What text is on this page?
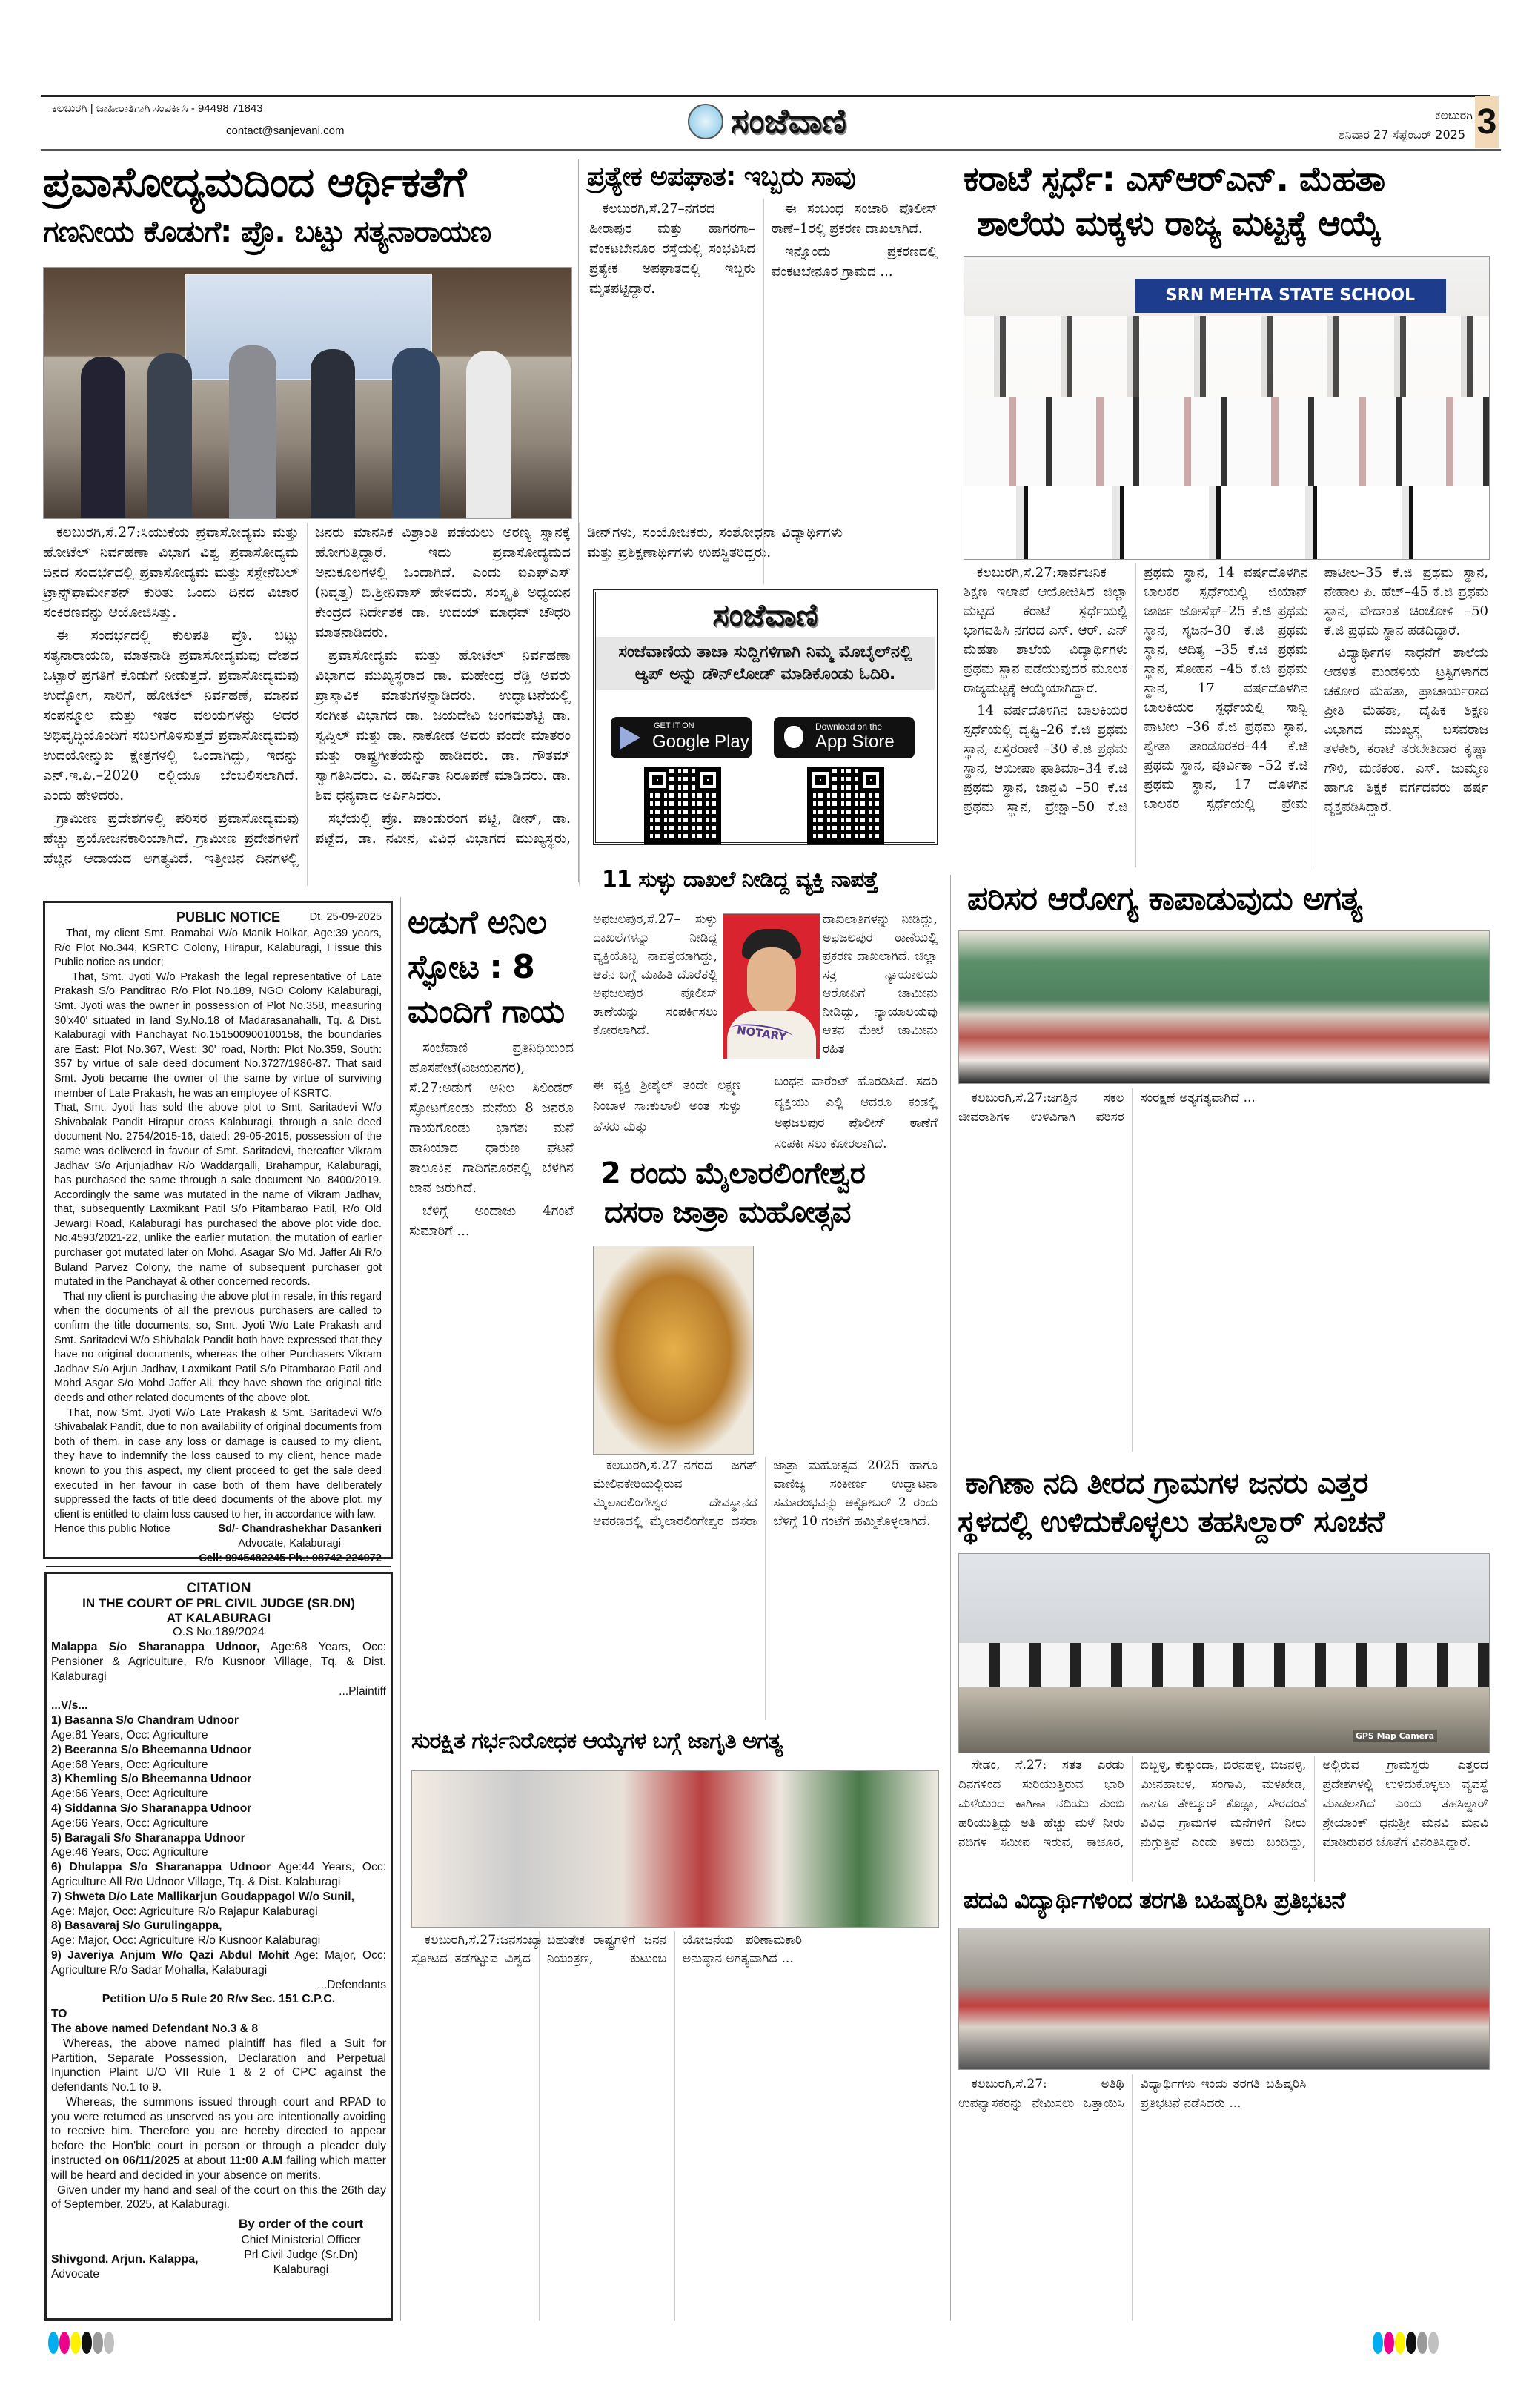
ಕಲಬುರಗಿ | ಜಾಹೀರಾತಿಗಾಗಿ ಸಂಪರ್ಕಿಸಿ - 94498 71843
contact@sanjevani.com	ಸಂಜೆವಾಣಿ	ಕಲಬುರಗಿ
ಶನಿವಾರ 27 ಸೆಪ್ಟೆಂಬರ್ 2025 3
ಪ್ರವಾಸೋದ್ಯಮದಿಂದ ಆರ್ಥಿಕತೆಗೆ
ಗಣನೀಯ ಕೊಡುಗೆ: ಪ್ರೊ. ಬಟ್ಟು ಸತ್ಯನಾರಾಯಣ

ಕಲಬುರಗಿ,ಸೆ.27:ಸಿಯುಕೆಯ ಪ್ರವಾಸೋದ್ಯಮ ಮತ್ತು ಹೋಟೆಲ್ ನಿರ್ವಹಣಾ ವಿಭಾಗ ವಿಶ್ವ ಪ್ರವಾಸೋದ್ಯಮ ದಿನದ ಸಂದರ್ಭದಲ್ಲಿ ಪ್ರವಾಸೋದ್ಯಮ ಮತ್ತು ಸಸ್ಟೇನೆಬಲ್ ಟ್ರಾನ್ಸ್‌ಫಾರ್ಮೇಶನ್ ಕುರಿತು ಒಂದು ದಿನದ ವಿಚಾರ ಸಂಕಿರಣವನ್ನು ಆಯೋಜಿಸಿತ್ತು.

ಈ ಸಂದರ್ಭದಲ್ಲಿ ಕುಲಪತಿ ಪ್ರೊ. ಬಟ್ಟು ಸತ್ಯನಾರಾಯಣ, ಮಾತನಾಡಿ ಪ್ರವಾಸೋದ್ಯಮವು ದೇಶದ ಒಟ್ಟಾರೆ ಪ್ರಗತಿಗೆ ಕೊಡುಗೆ ನೀಡುತ್ತದೆ. ಪ್ರವಾಸೋದ್ಯಮವು ಉದ್ಯೋಗ, ಸಾರಿಗೆ, ಹೋಟೆಲ್ ನಿರ್ವಹಣೆ, ಮಾನವ ಸಂಪನ್ಮೂಲ ಮತ್ತು ಇತರ ವಲಯಗಳನ್ನು ಅದರ ಅಭಿವೃದ್ಧಿಯೊಂದಿಗೆ ಸಬಲಗೊಳಿಸುತ್ತದೆ ಪ್ರವಾಸೋದ್ಯಮವು ಉದಯೋನ್ಮುಖ ಕ್ಷೇತ್ರಗಳಲ್ಲಿ ಒಂದಾಗಿದ್ದು, ಇದನ್ನು ಎನ್.ಇ.ಪಿ.–2020 ರಲ್ಲಿಯೂ ಬೆಂಬಲಿಸಲಾಗಿದೆ. ಎಂದು ಹೇಳಿದರು.

ಗ್ರಾಮೀಣ ಪ್ರದೇಶಗಳಲ್ಲಿ ಪರಿಸರ ಪ್ರವಾಸೋದ್ಯಮವು ಹೆಚ್ಚು ಪ್ರಯೋಜನಕಾರಿಯಾಗಿದೆ. ಗ್ರಾಮೀಣ ಪ್ರದೇಶಗಳಿಗೆ ಹೆಚ್ಚಿನ ಆದಾಯದ ಅಗತ್ಯವಿದೆ. ಇತ್ತೀಚಿನ ದಿನಗಳಲ್ಲಿ ಜನರು ಮಾನಸಿಕ ವಿಶ್ರಾಂತಿ ಪಡೆಯಲು ಅರಣ್ಯ ಸ್ನಾನಕ್ಕೆ ಹೋಗುತ್ತಿದ್ದಾರೆ. ಇದು ಪ್ರವಾಸೋದ್ಯಮದ ಅನುಕೂಲಗಳಲ್ಲಿ ಒಂದಾಗಿದೆ. ಎಂದು ಐಎಫ್‌ಎಸ್ (ನಿವೃತ್ತ) ಬಿ.ಶ್ರೀನಿವಾಸ್ ಹೇಳಿದರು. ಸಂಸ್ಕೃತಿ ಅಧ್ಯಯನ ಕೇಂದ್ರದ ನಿರ್ದೇಶಕ ಡಾ. ಉದಯ್ ಮಾಧವ್ ಚೌಧರಿ ಮಾತನಾಡಿದರು.

ಪ್ರವಾಸೋದ್ಯಮ ಮತ್ತು ಹೋಟೆಲ್ ನಿರ್ವಹಣಾ ವಿಭಾಗದ ಮುಖ್ಯಸ್ಥರಾದ ಡಾ. ಮಹೇಂದ್ರ ರೆಡ್ಡಿ ಅವರು ಪ್ರಾಸ್ತಾವಿಕ ಮಾತುಗಳನ್ನಾಡಿದರು. ಉದ್ಘಾಟನೆಯಲ್ಲಿ ಸಂಗೀತ ವಿಭಾಗದ ಡಾ. ಜಯದೇವಿ ಜಂಗಮಶೆಟ್ಟಿ ಡಾ. ಸ್ವಪ್ನಿಲ್ ಮತ್ತು ಡಾ. ನಾಕೋಡ ಅವರು ವಂದೇ ಮಾತರಂ ಮತ್ತು ರಾಷ್ಟ್ರಗೀತೆಯನ್ನು ಹಾಡಿದರು. ಡಾ. ಗೌತಮ್ ಸ್ವಾಗತಿಸಿದರು. ಎ. ಹರ್ಷಿತಾ ನಿರೂಪಣೆ ಮಾಡಿದರು. ಡಾ. ಶಿವ ಧನ್ಯವಾದ ಅರ್ಪಿಸಿದರು.

ಸಭೆಯಲ್ಲಿ ಪ್ರೊ. ಪಾಂಡುರಂಗ ಪಟ್ಟಿ, ಡೀನ್, ಡಾ. ಪಟ್ಟೆದ, ಡಾ. ನವೀನ, ವಿವಿಧ ವಿಭಾಗದ ಮುಖ್ಯಸ್ಥರು, ಡೀನ್‌ಗಳು, ಸಂಯೋಜಕರು, ಸಂಶೋಧನಾ ವಿದ್ಯಾರ್ಥಿಗಳು ಮತ್ತು ಪ್ರಶಿಕ್ಷಣಾರ್ಥಿಗಳು ಉಪಸ್ಥಿತರಿದ್ದರು.

ಪ್ರತ್ಯೇಕ ಅಪಘಾತ: ಇಬ್ಬರು ಸಾವು

ಕಲಬುರಗಿ,ಸೆ.27–ನಗರದ ಹೀರಾಪುರ ಮತ್ತು ಹಾಗರಗಾ–ವೆಂಕಟಬೇನೂರ ರಸ್ತೆಯಲ್ಲಿ ಸಂಭವಿಸಿದ ಪ್ರತ್ಯೇಕ ಅಪಘಾತದಲ್ಲಿ ಇಬ್ಬರು ಮೃತಪಟ್ಟಿದ್ದಾರೆ.

ಈ ಸಂಬಂಧ ಸಂಚಾರಿ ಪೊಲೀಸ್ ಠಾಣೆ–1ರಲ್ಲಿ ಪ್ರಕರಣ ದಾಖಲಾಗಿದೆ.

ಇನ್ನೊಂದು ಪ್ರಕರಣದಲ್ಲಿ ವೆಂಕಟಬೇನೂರ ಗ್ರಾಮದ ...

ಸಂಜೆವಾಣಿ
ಸಂಜೆವಾಣಿಯ ತಾಜಾ ಸುದ್ದಿಗಳಿಗಾಗಿ ನಿಮ್ಮ ಮೊಬೈಲ್‌ನಲ್ಲಿ ಆ್ಯಪ್ ಅನ್ನು ಡೌನ್‌ಲೋಡ್ ಮಾಡಿಕೊಂಡು ಓದಿರಿ.
GET IT ON
Google Play
Download on the
App Store
ಕರಾಟೆ ಸ್ಪರ್ಧೆ: ಎಸ್‌ಆರ್‌ಎನ್. ಮೆಹತಾ
ಶಾಲೆಯ ಮಕ್ಕಳು ರಾಜ್ಯ ಮಟ್ಟಕ್ಕೆ ಆಯ್ಕೆ
SRN MEHTA STATE SCHOOL

ಕಲಬುರಗಿ,ಸೆ.27:ಸಾರ್ವಜನಿಕ ಶಿಕ್ಷಣ ಇಲಾಖೆ ಆಯೋಜಿಸಿದ ಜಿಲ್ಲಾ ಮಟ್ಟದ ಕರಾಟೆ ಸ್ಪರ್ಧೆಯಲ್ಲಿ ಭಾಗವಹಿಸಿ ನಗರದ ಎಸ್. ಆರ್. ಎನ್ ಮೆಹತಾ ಶಾಲೆಯ ವಿದ್ಯಾರ್ಥಿಗಳು ಪ್ರಥಮ ಸ್ಥಾನ ಪಡೆಯುವುದರ ಮೂಲಕ ರಾಜ್ಯಮಟ್ಟಕ್ಕೆ ಆಯ್ಕೆಯಾಗಿದ್ದಾರೆ.

14 ವರ್ಷದೊಳಗಿನ ಬಾಲಕಿಯರ ಸ್ಪರ್ಧೆಯಲ್ಲಿ ದೃಷ್ಟಿ–26 ಕೆ.ಜಿ ಪ್ರಥಮ ಸ್ಥಾನ, ಏಸ್ತರರಾಣಿ –30 ಕೆ.ಜಿ ಪ್ರಥಮ ಸ್ಥಾನ, ಆಯೀಷಾ ಫಾತಿಮಾ–34 ಕೆ.ಜಿ ಪ್ರಥಮ ಸ್ಥಾನ, ಜಾನ್ಹವಿ –50 ಕೆ.ಜಿ ಪ್ರಥಮ ಸ್ಥಾನ, ಪ್ರೇಕ್ಷಾ–50 ಕೆ.ಜಿ ಪ್ರಥಮ ಸ್ಥಾನ, 14 ವರ್ಷದೊಳಗಿನ ಬಾಲಕರ ಸ್ಪರ್ಧೆಯಲ್ಲಿ ಜಿಯಾನ್ ಜಾರ್ಜ ಜೋಸೆಫ್–25 ಕೆ.ಜಿ ಪ್ರಥಮ ಸ್ಥಾನ, ಸೃಜನ–30 ಕೆ.ಜಿ ಪ್ರಥಮ ಸ್ಥಾನ, ಆದಿತ್ಯ –35 ಕೆ.ಜಿ ಪ್ರಥಮ ಸ್ಥಾನ, ಸೋಹನ –45 ಕೆ.ಜಿ ಪ್ರಥಮ ಸ್ಥಾನ, 17 ವರ್ಷದೊಳಗಿನ ಬಾಲಕಿಯರ ಸ್ಪರ್ಧೆಯಲ್ಲಿ ಸಾನ್ವಿ ಪಾಟೀಲ –36 ಕೆ.ಜಿ ಪ್ರಥಮ ಸ್ಥಾನ, ಶ್ವೇತಾ ತಾಂಡೂರಕರ–44 ಕೆ.ಜಿ ಪ್ರಥಮ ಸ್ಥಾನ, ಪೂರ್ವಿಕಾ –52 ಕೆ.ಜಿ ಪ್ರಥಮ ಸ್ಥಾನ, 17 ದೊಳಗಿನ ಬಾಲಕರ ಸ್ಪರ್ಧೆಯಲ್ಲಿ ಪ್ರೇಮ ಪಾಟೀಲ–35 ಕೆ.ಜಿ ಪ್ರಥಮ ಸ್ಥಾನ, ನೇಹಾಲ ಪಿ. ಹೆಚ್–45 ಕೆ.ಜಿ ಪ್ರಥಮ ಸ್ಥಾನ, ವೇದಾಂತ ಚಿಂಚೋಳಿ –50 ಕೆ.ಜಿ ಪ್ರಥಮ ಸ್ಥಾನ ಪಡೆದಿದ್ದಾರೆ.

ವಿದ್ಯಾರ್ಥಿಗಳ ಸಾಧನೆಗೆ ಶಾಲೆಯ ಆಡಳಿತ ಮಂಡಳಿಯ ಟ್ರಸ್ಟಿಗಳಾಗದ ಚಕೋರ ಮೆಹತಾ, ಪ್ರಾಚಾರ್ಯರಾದ ಪ್ರೀತಿ ಮೆಹತಾ, ದೈಹಿಕ ಶಿಕ್ಷಣ ವಿಭಾಗದ ಮುಖ್ಯಸ್ಥ ಬಸವರಾಜ ತಳಕೇರಿ, ಕರಾಟೆ ತರಬೇತಿದಾರ ಕೃಷ್ಣಾ ಗೌಳಿ, ಮಣಿಕಂಠ. ಎಸ್. ಜುಮ್ಮಣ ಹಾಗೂ ಶಿಕ್ಷಕ ವರ್ಗದವರು ಹರ್ಷ ವ್ಯಕ್ತಪಡಿಸಿದ್ದಾರೆ.

PUBLIC NOTICE	Dt. 25-09-2025

That, my client Smt. Ramabai W/o Manik Holkar, Age:39 years, R/o Plot No.344, KSRTC Colony, Hirapur, Kalaburagi, I issue this Public notice as under;

That, Smt. Jyoti W/o Prakash the legal representative of Late Prakash S/o Panditrao R/o Plot No.189, NGO Colony Kalaburagi, Smt. Jyoti was the owner in possession of Plot No.358, measuring 30'x40' situated in land Sy.No.18 of Madarasanahalli, Tq. & Dist. Kalaburagi with Panchayat No.151500900100158, the boundaries are East: Plot No.367, West: 30' road, North: Plot No.359, South: 357 by virtue of sale deed document No.3727/1986-87. That said Smt. Jyoti became the owner of the same by virtue of surviving member of Late Prakash, he was an employee of KSRTC.

That, Smt. Jyoti has sold the above plot to Smt. Saritadevi W/o Shivabalak Pandit Hirapur cross Kalaburagi, through a sale deed document No. 2754/2015-16, dated: 29-05-2015, possession of the same was delivered in favour of Smt. Saritadevi, thereafter Vikram Jadhav S/o Arjunjadhav R/o Waddargalli, Brahampur, Kalaburagi, has purchased the same through a sale document No. 8400/2019. Accordingly the same was mutated in the name of Vikram Jadhav, that, subsequently Laxmikant Patil S/o Pitambarao Patil, R/o Old Jewargi Road, Kalaburagi has purchased the above plot vide doc. No.4593/2021-22, unlike the earlier mutation, the mutation of earlier purchaser got mutated later on Mohd. Asagar S/o Md. Jaffer Ali R/o Buland Parvez Colony, the name of subsequent purchaser got mutated in the Panchayat & other concerned records.

That my client is purchasing the above plot in resale, in this regard when the documents of all the previous purchasers are called to confirm the title documents, so, Smt. Jyoti W/o Late Prakash and Smt. Saritadevi W/o Shivbalak Pandit both have expressed that they have no original documents, whereas the other Purchasers Vikram Jadhav S/o Arjun Jadhav, Laxmikant Patil S/o Pitambarao Patil and Mohd Asgar S/o Mohd Jaffer Ali, they have shown the original title deeds and other related documents of the above plot.

That, now Smt. Jyoti W/o Late Prakash & Smt. Saritadevi W/o Shivabalak Pandit, due to non availability of original documents from both of them, in case any loss or damage is caused to my client, they have to indemnify the loss caused to my client, hence made known to you this aspect, my client proceed to get the sale deed executed in her favour in case both of them have deliberately suppressed the facts of title deed documents of the above plot, my client is entitled to claim loss caused to her, in accordance with law.

Hence this public Notice	Sd/- Chandrashekhar Dasankeri
Advocate, Kalaburagi
Cell: 9945482245 Ph.: 08742-224072
CITATION
IN THE COURT OF PRL CIVIL JUDGE (SR.DN)
AT KALABURAGI
O.S No.189/2024

Malappa S/o Sharanappa Udnoor, Age:68 Years, Occ: Pensioner & Agriculture, R/o Kusnoor Village, Tq. & Dist. Kalaburagi

...Plaintiff
...V/s...
1) Basanna S/o Chandram Udnoor
Age:81 Years, Occ: Agriculture
2) Beeranna S/o Bheemanna Udnoor
Age:68 Years, Occ: Agriculture
3) Khemling S/o Bheemanna Udnoor
Age:66 Years, Occ: Agriculture
4) Siddanna S/o Sharanappa Udnoor
Age:66 Years, Occ: Agriculture
5) Baragali S/o Sharanappa Udnoor
Age:46 Years, Occ: Agriculture
6) Dhulappa S/o Sharanappa Udnoor Age:44 Years, Occ: Agriculture All R/o Udnoor Village, Tq. & Dist. Kalaburagi
7) Shweta D/o Late Mallikarjun Goudappagol W/o Sunil,
Age: Major, Occ: Agriculture R/o Rajapur Kalaburagi
8) Basavaraj S/o Gurulingappa,
Age: Major, Occ: Agriculture R/o Kusnoor Kalaburagi
9) Javeriya Anjum W/o Qazi Abdul Mohit Age: Major, Occ: Agriculture R/o Sadar Mohalla, Kalaburagi
...Defendants
Petition U/o 5 Rule 20 R/w Sec. 151 C.P.C.
TO
The above named Defendant No.3 & 8

Whereas, the above named plaintiff has filed a Suit for Partition, Separate Possession, Declaration and Perpetual Injunction Plaint U/O VII Rule 1 & 2 of CPC against the defendants No.1 to 9.

Whereas, the summons issued through court and RPAD to you were returned as unserved as you are intentionally avoiding to receive him. Therefore you are hereby directed to appear before the Hon'ble court in person or through a pleader duly instructed on 06/11/2025 at about 11:00 A.M failing which matter will be heard and decided in your absence on merits.

Given under my hand and seal of the court on this the 26th day of September, 2025, at Kalaburagi.

By order of the court
Chief Ministerial Officer
Prl Civil Judge (Sr.Dn)
Kalaburagi
Shivgond. Arjun. Kalappa,
Advocate
ಅಡುಗೆ ಅನಿಲ ಸ್ಫೋಟ : 8 ಮಂದಿಗೆ ಗಾಯ

ಸಂಜೆವಾಣಿ ಪ್ರತಿನಿಧಿಯಿಂದ ಹೊಸಪೇಟೆ(ವಿಜಯನಗರ), ಸೆ.27:ಅಡುಗೆ ಅನಿಲ ಸಿಲಿಂಡರ್ ಸ್ಫೋಟಗೊಂಡು ಮನೆಯ 8 ಜನರೂ ಗಾಯಗೊಂಡು ಭಾಗಶಃ ಮನೆ ಹಾನಿಯಾದ ಧಾರುಣ ಘಟನೆ ತಾಲೂಕಿನ ಗಾದಿಗನೂರನಲ್ಲಿ ಬೆಳಗಿನ ಜಾವ ಜರುಗಿದೆ.

ಬೆಳಿಗ್ಗೆ ಅಂದಾಜು 4ಗಂಟೆ ಸುಮಾರಿಗೆ ...

11 ಸುಳ್ಳು ದಾಖಲೆ ನೀಡಿದ್ದ ವ್ಯಕ್ತಿ ನಾಪತ್ತೆ
ಅಫಜಲಪುರ,ಸೆ.27– ಸುಳ್ಳು ದಾಖಲೆಗಳನ್ನು ನೀಡಿದ್ದ ವ್ಯಕ್ತಿಯೊಬ್ಬ ನಾಪತ್ತೆಯಾಗಿದ್ದು, ಆತನ ಬಗ್ಗೆ ಮಾಹಿತಿ ದೊರೆತಲ್ಲಿ ಅಫಜಲಪುರ ಪೊಲೀಸ್ ಠಾಣೆಯನ್ನು ಸಂಪರ್ಕಿಸಲು ಕೋರಲಾಗಿದೆ.	NOTARY
ದಾಖಲಾತಿಗಳನ್ನು ನೀಡಿದ್ದು, ಅಫಜಲಪುರ ಠಾಣೆಯಲ್ಲಿ ಪ್ರಕರಣ ದಾಖಲಾಗಿದೆ. ಜಿಲ್ಲಾ ಸತ್ರ ನ್ಯಾಯಾಲಯ ಆರೋಪಿಗೆ ಜಾಮೀನು ನೀಡಿದ್ದು, ನ್ಯಾಯಾಲಯವು ಆತನ ಮೇಲೆ ಜಾಮೀನು ರಹಿತ
ಈ ವ್ಯಕ್ತಿ ಶ್ರೀಶೈಲ್ ತಂದೇ ಲಕ್ಷ್ಮಣ ನಿಂಬಾಳ ಸಾ:ಕುಲಾಲಿ ಅಂತ ಸುಳ್ಳು ಹೆಸರು ಮತ್ತು
ಬಂಧನ ವಾರೆಂಟ್ ಹೊರಡಿಸಿದೆ. ಸದರಿ ವ್ಯಕ್ತಿಯು ಎಲ್ಲಿ ಆದರೂ ಕಂಡಲ್ಲಿ ಅಫಜಲಪುರ ಪೊಲೀಸ್ ಠಾಣೆಗೆ ಸಂಪರ್ಕಿಸಲು ಕೋರಲಾಗಿದೆ.
2 ರಂದು ಮೈಲಾರಲಿಂಗೇಶ್ವರ
ದಸರಾ ಜಾತ್ರಾ ಮಹೋತ್ಸವ

ಕಲಬುರಗಿ,ಸೆ.27–ನಗರದ ಜಗತ್ ಮೇಲಿನಕೇರಿಯಲ್ಲಿರುವ ಮೈಲಾರಲಿಂಗೇಶ್ವರ ದೇವಸ್ಥಾನದ ಆವರಣದಲ್ಲಿ ಮೈಲಾರಲಿಂಗೇಶ್ವರ ದಸರಾ ಜಾತ್ರಾ ಮಹೋತ್ಸವ 2025 ಹಾಗೂ ವಾಣಿಜ್ಯ ಸಂಕೀರ್ಣ ಉದ್ಘಾಟನಾ ಸಮಾರಂಭವನ್ನು ಅಕ್ಟೋಬರ್ 2 ರಂದು ಬೆಳಿಗ್ಗೆ 10 ಗಂಟೆಗೆ ಹಮ್ಮಿಕೊಳ್ಳಲಾಗಿದೆ.

ಸುರಕ್ಷಿತ ಗರ್ಭನಿರೋಧಕ ಆಯ್ಕೆಗಳ ಬಗ್ಗೆ ಜಾಗೃತಿ ಅಗತ್ಯ

ಕಲಬುರಗಿ,ಸೆ.27:ಜನಸಂಖ್ಯಾ ಸ್ಫೋಟದ ತಡೆಗಟ್ಟುವ ವಿಶ್ವದ ಬಹುತೇಕ ರಾಷ್ಟ್ರಗಳಿಗೆ ಜನನ ನಿಯಂತ್ರಣ, ಕುಟುಂಬ ಯೋಜನೆಯ ಪರಿಣಾಮಕಾರಿ ಅನುಷ್ಠಾನ ಅಗತ್ಯವಾಗಿದೆ ...

ಪರಿಸರ ಆರೋಗ್ಯ ಕಾಪಾಡುವುದು ಅಗತ್ಯ

ಕಲಬುರಗಿ,ಸೆ.27:ಜಗತ್ತಿನ ಸಕಲ ಜೀವರಾಶಿಗಳ ಉಳಿವಿಗಾಗಿ ಪರಿಸರ ಸಂರಕ್ಷಣೆ ಅತ್ಯಗತ್ಯವಾಗಿದೆ ...

ಕಾಗಿಣಾ ನದಿ ತೀರದ ಗ್ರಾಮಗಳ ಜನರು ಎತ್ತರ
ಸ್ಥಳದಲ್ಲಿ ಉಳಿದುಕೊಳ್ಳಲು ತಹಸಿಲ್ದಾರ್ ಸೂಚನೆ
GPS Map Camera

ಸೇಡಂ, ಸೆ.27: ಸತತ ಎರಡು ದಿನಗಳಿಂದ ಸುರಿಯುತ್ತಿರುವ ಭಾರಿ ಮಳೆಯಿಂದ ಕಾಗಿಣಾ ನದಿಯು ತುಂಬಿ ಹರಿಯುತ್ತಿದ್ದು ಅತಿ ಹೆಚ್ಚು ಮಳೆ ನೀರು ನದಿಗಳ ಸಮೀಪ ಇರುವ, ಕಾಚೂರ, ಬಿಬ್ಬಳ್ಳಿ, ಕುಕ್ಕುಂದಾ, ಬಿರನಹಳ್ಳಿ, ಬಿಜನಳ್ಳಿ, ಮೀನಹಾಬಳ, ಸಂಗಾವಿ, ಮಳಖೇಡ, ಹಾಗೂ ತೇಲ್ಕೂರ್ ಕೊಡ್ಲಾ, ಸೇರದಂತೆ ವಿವಿಧ ಗ್ರಾಮಗಳ ಮನೆಗಳಿಗೆ ನೀರು ನುಗ್ಗುತ್ತಿವೆ ಎಂದು ತಿಳಿದು ಬಂದಿದ್ದು, ಅಲ್ಲಿರುವ ಗ್ರಾಮಸ್ಥರು ಎತ್ತರದ ಪ್ರದೇಶಗಳಲ್ಲಿ ಉಳಿದುಕೊಳ್ಳಲು ವ್ಯವಸ್ಥೆ ಮಾಡಲಾಗಿದೆ ಎಂದು ತಹಸಿಲ್ದಾರ್ ಶ್ರೇಯಾಂಕ್ ಧನುಶ್ರೀ ಮನವಿ ಮನವಿ ಮಾಡಿರುವರ ಜೊತೆಗೆ ವಿನಂತಿಸಿದ್ದಾರೆ.

ಪದವಿ ವಿದ್ಯಾರ್ಥಿಗಳಿಂದ ತರಗತಿ ಬಹಿಷ್ಕರಿಸಿ ಪ್ರತಿಭಟನೆ

ಕಲಬುರಗಿ,ಸೆ.27: ಅತಿಥಿ ಉಪನ್ಯಾಸಕರನ್ನು ನೇಮಿಸಲು ಒತ್ತಾಯಿಸಿ ವಿದ್ಯಾರ್ಥಿಗಳು ಇಂದು ತರಗತಿ ಬಹಿಷ್ಕರಿಸಿ ಪ್ರತಿಭಟನೆ ನಡೆಸಿದರು ...
